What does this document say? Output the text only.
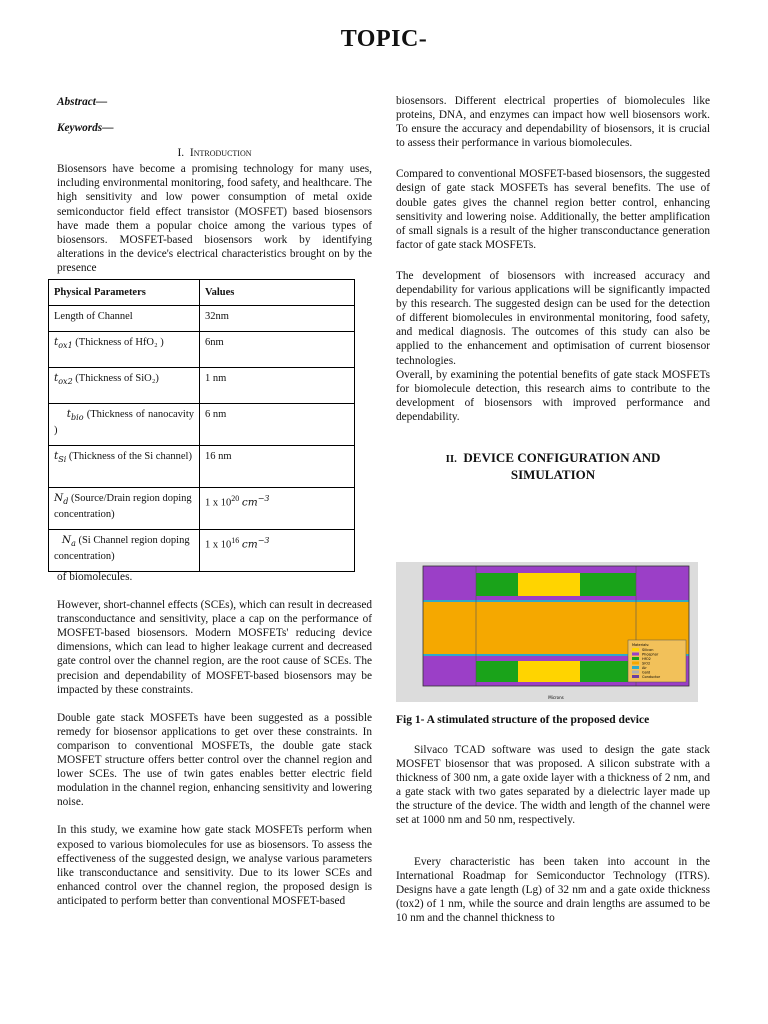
TOPIC-

Abstract—

Keywords—

I. Introduction

Biosensors have become a promising technology for many uses, including environmental monitoring, food safety, and healthcare. The high sensitivity and low power consumption of metal oxide semiconductor field effect transistor (MOSFET) based biosensors have made them a popular choice among the various types of biosensors. MOSFET-based biosensors work by identifying alterations in the device's electrical characteristics brought on by the presence

Physical Parameters	Values
Length of Channel	32nm
$t_{ox1}$ (Thickness of HfO₂ )	6nm
$t_{ox2}$ (Thickness of SiO₂)	1 nm
$t_{bio}$ (Thickness of nanocavity )	6 nm
$t_{Si}$ (Thickness of the Si channel)	16 nm
$N_d$ (Source/Drain region doping concentration)	1 x $10^{20}$ $cm^{-3}$
$N_a$ (Si Channel region doping concentration)	1 x $10^{16}$ $cm^{-3}$

of biomolecules.

However, short-channel effects (SCEs), which can result in decreased transconductance and sensitivity, place a cap on the performance of MOSFET-based biosensors. Modern MOSFETs' reducing device dimensions, which can lead to higher leakage current and decreased gate control over the channel region, are the root cause of SCEs. The precision and dependability of MOSFET-based biosensors may be impacted by these constraints.

Double gate stack MOSFETs have been suggested as a possible remedy for biosensor applications to get over these constraints. In comparison to conventional MOSFETs, the double gate stack MOSFET structure offers better control over the channel region and lower SCEs. The use of twin gates enables better electric field modulation in the channel region, enhancing sensitivity and lowering noise.

In this study, we examine how gate stack MOSFETs perform when exposed to various biomolecules for use as biosensors. To assess the effectiveness of the suggested design, we analyse various parameters like transconductance and sensitivity. Due to its lower SCEs and enhanced control over the channel region, the proposed design is anticipated to perform better than conventional MOSFET-based

biosensors. Different electrical properties of biomolecules like proteins, DNA, and enzymes can impact how well biosensors work. To ensure the accuracy and dependability of biosensors, it is crucial to assess their performance in various biomolecules.

Compared to conventional MOSFET-based biosensors, the suggested design of gate stack MOSFETs has several benefits. The use of double gates gives the channel region better control, enhancing sensitivity and lowering noise. Additionally, the better amplification of small signals is a result of the higher transconductance generation factor of gate stack MOSFETs.

The development of biosensors with increased accuracy and dependability for various applications will be significantly impacted by this research. The suggested design can be used for the detection of different biomolecules in environmental monitoring, food safety, and medical diagnosis. The outcomes of this study can also be applied to the enhancement and optimisation of current biosensor technologies.

Overall, by examining the potential benefits of gate stack MOSFETs for biomolecule detection, this research aims to contribute to the development of biosensors with improved performance and dependability.

II. DEVICE CONFIGURATION AND
SIMULATION
Materials:
Silicon
Phosphor
HfO2
SiO2
Air
Gold
Conductor
Microns
Fig 1- A stimulated structure of the proposed device

Silvaco TCAD software was used to design the gate stack MOSFET biosensor that was proposed. A silicon substrate with a thickness of 300 nm, a gate oxide layer with a thickness of 2 nm, and a gate stack with two gates separated by a dielectric layer made up the structure of the device. The width and length of the channel were set at 1000 nm and 50 nm, respectively.

Every characteristic has been taken into account in the International Roadmap for Semiconductor Technology (ITRS). Designs have a gate length (Lg) of 32 nm and a gate oxide thickness (tox2) of 1 nm, while the source and drain lengths are assumed to be 10 nm and the channel thickness to
